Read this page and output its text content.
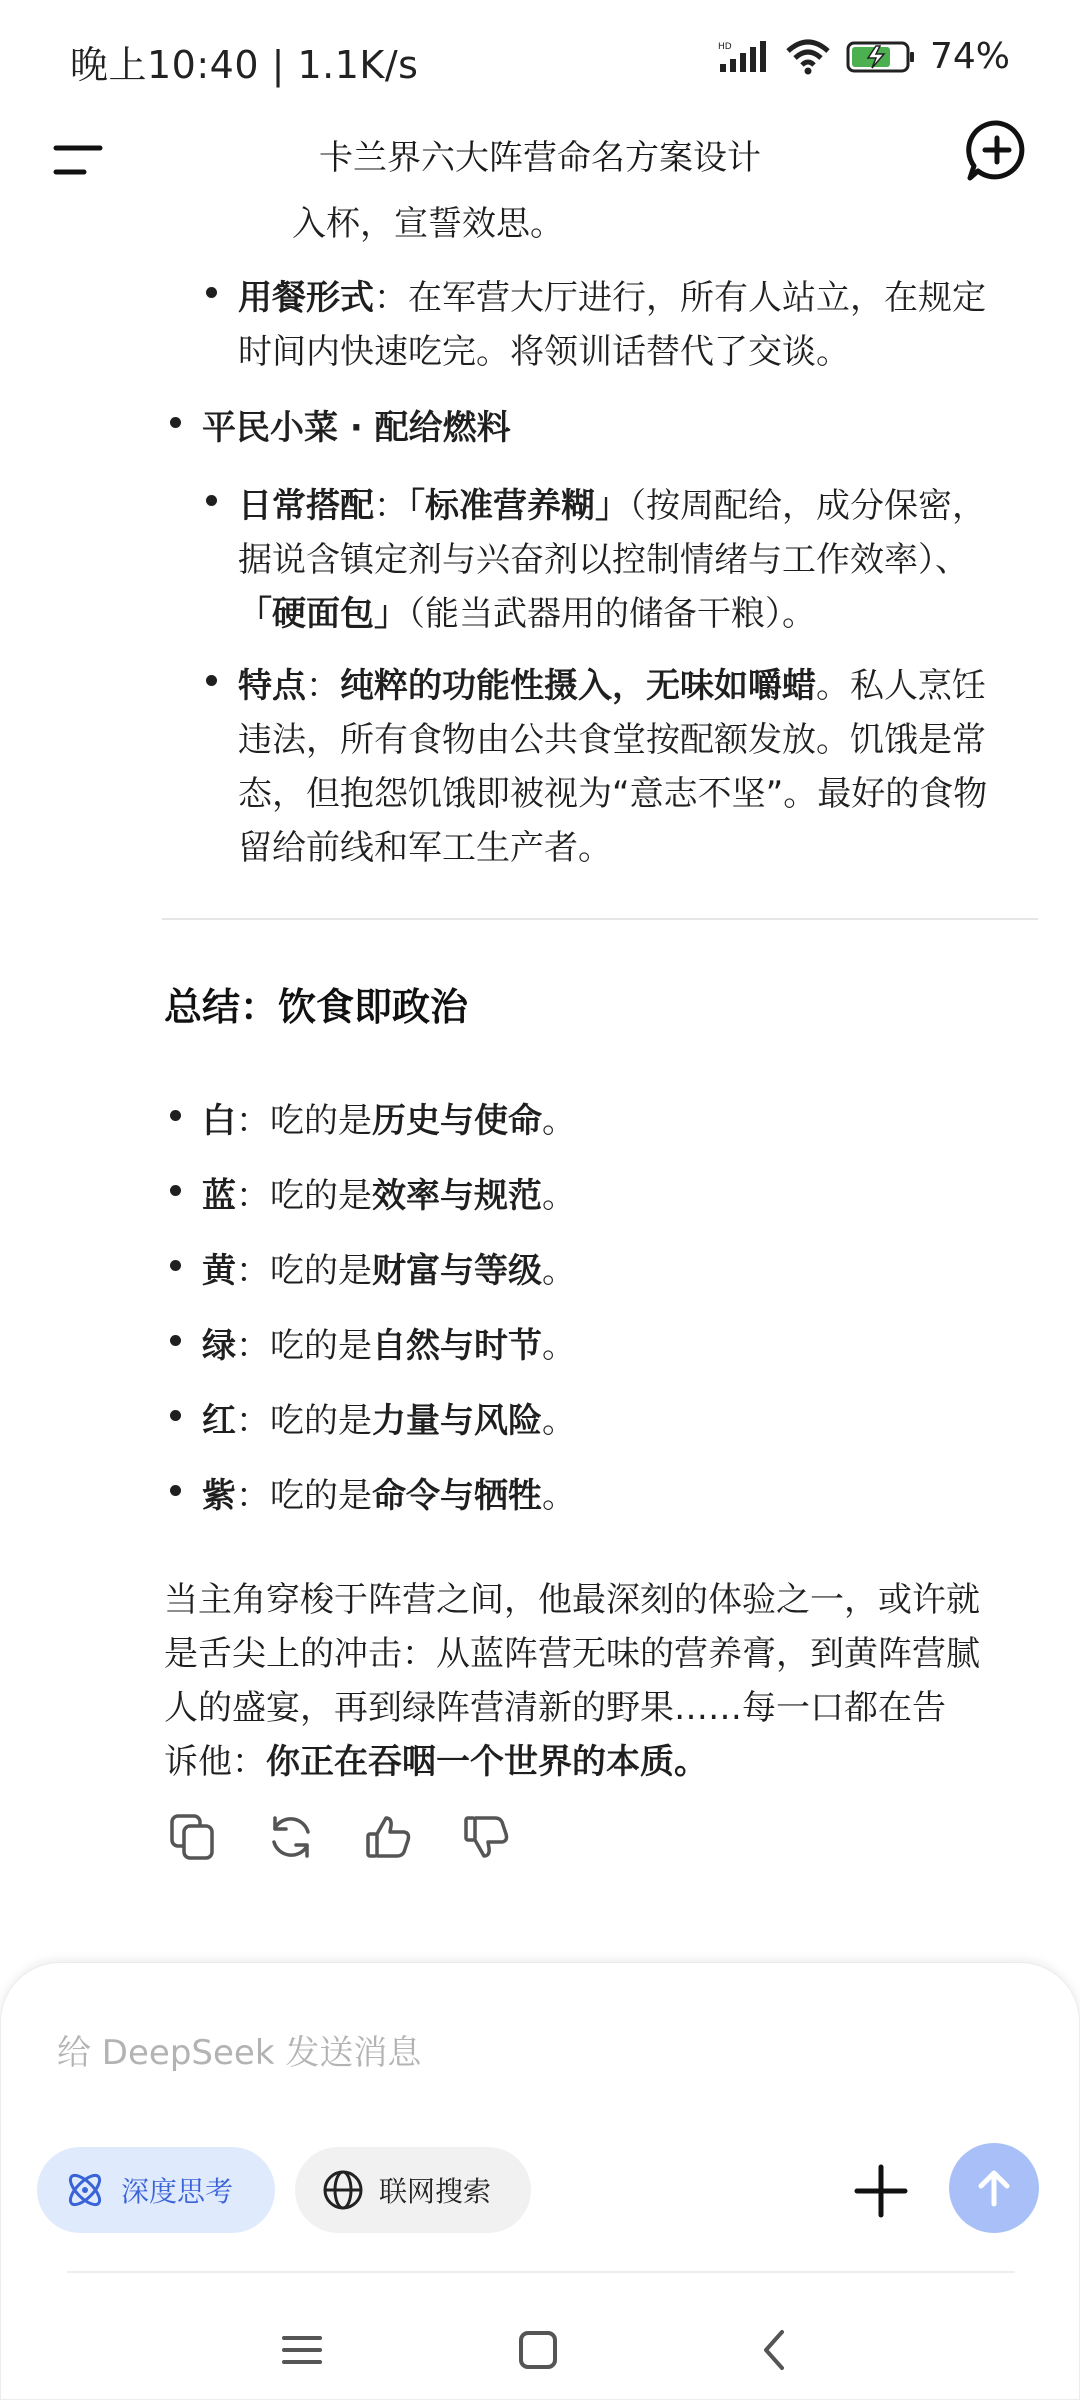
晚上10:40 | 1.1K/s	HD	74%
卡兰界六大阵营命名方案设计
入杯，宣誓效思。
用餐形式：在军营大厅进行，所有人站立，在规定
时间内快速吃完。将领训话替代了交谈。
平民小菜 · 配给燃料
日常搭配：「标准营养糊」（按周配给，成分保密，
据说含镇定剂与兴奋剂以控制情绪与工作效率）、
「硬面包」（能当武器用的储备干粮）。
特点：纯粹的功能性摄入，无味如嚼蜡。私人烹饪
违法，所有食物由公共食堂按配额发放。饥饿是常
态，但抱怨饥饿即被视为“意志不坚”。最好的食物
留给前线和军工生产者。
总结：饮食即政治
白：吃的是历史与使命。
蓝：吃的是效率与规范。
黄：吃的是财富与等级。
绿：吃的是自然与时节。
红：吃的是力量与风险。
紫：吃的是命令与牺牲。
当主角穿梭于阵营之间，他最深刻的体验之一，或许就
是舌尖上的冲击：从蓝阵营无味的营养膏，到黄阵营腻
人的盛宴，再到绿阵营清新的野果……每一口都在告
诉他：你正在吞咽一个世界的本质。
给 DeepSeek 发送消息
深度思考	联网搜索
